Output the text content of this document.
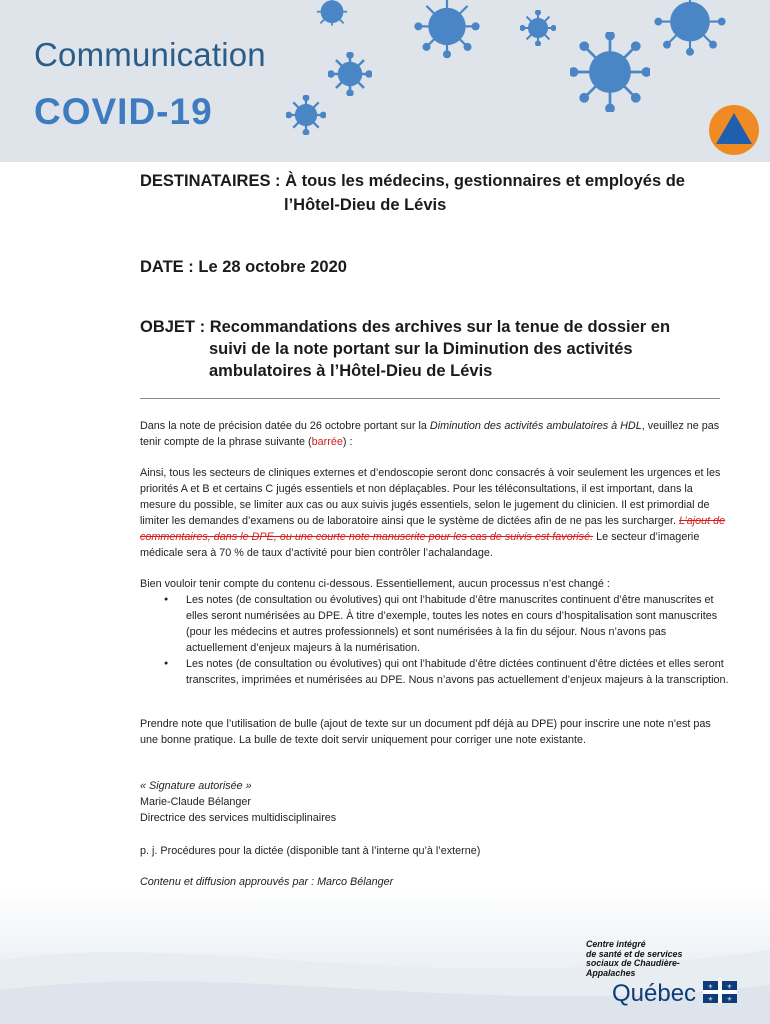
Communication
COVID-19
DESTINATAIRES : À tous les médecins, gestionnaires et employés de
l’Hôtel-Dieu de Lévis
DATE : Le 28 octobre 2020
OBJET : Recommandations des archives sur la tenue de dossier en
suivi de la note portant sur la Diminution des activités
ambulatoires à l’Hôtel-Dieu de Lévis
Dans la note de précision datée du 26 octobre portant sur la Diminution des activités ambulatoires à HDL, veuillez ne pas tenir compte de la phrase suivante (barrée) :
Ainsi, tous les secteurs de cliniques externes et d’endoscopie seront donc consacrés à voir seulement les urgences et les priorités A et B et certains C jugés essentiels et non déplaçables. Pour les téléconsultations, il est important, dans la mesure du possible, se limiter aux cas ou aux suivis jugés essentiels, selon le jugement du clinicien. Il est primordial de limiter les demandes d’examens ou de laboratoire ainsi que le système de dictées afin de ne pas les surcharger. L’ajout de commentaires, dans le DPE, ou une courte note manuscrite pour les cas de suivis est favorisé. Le secteur d’imagerie médicale sera à 70 % de taux d’activité pour bien contrôler l’achalandage.
Bien vouloir tenir compte du contenu ci-dessous. Essentiellement, aucun processus n’est changé :
● Les notes (de consultation ou évolutives) qui ont l’habitude d’être manuscrites continuent d’être manuscrites et elles seront numérisées au DPE. À titre d’exemple, toutes les notes en cours d’hospitalisation sont manuscrites (pour les médecins et autres professionnels) et sont numérisées à la fin du séjour. Nous n’avons pas actuellement d’enjeux majeurs à la numérisation.
● Les notes (de consultation ou évolutives) qui ont l’habitude d’être dictées continuent d’être dictées et elles seront transcrites, imprimées et numérisées au DPE. Nous n’avons pas actuellement d’enjeux majeurs à la transcription.
Prendre note que l’utilisation de bulle (ajout de texte sur un document pdf déjà au DPE) pour inscrire une note n’est pas une bonne pratique. La bulle de texte doit servir uniquement pour corriger une note existante.
« Signature autorisée »
Marie-Claude Bélanger
Directrice des services multidisciplinaires
p. j. Procédures pour la dictée (disponible tant à l’interne qu’à l’externe)
Contenu et diffusion approuvés par : Marco Bélanger
Centre intégré
de santé et de services
sociaux de Chaudière-
Appalaches
Québec ⚜ ⚜
⚜ ⚜
